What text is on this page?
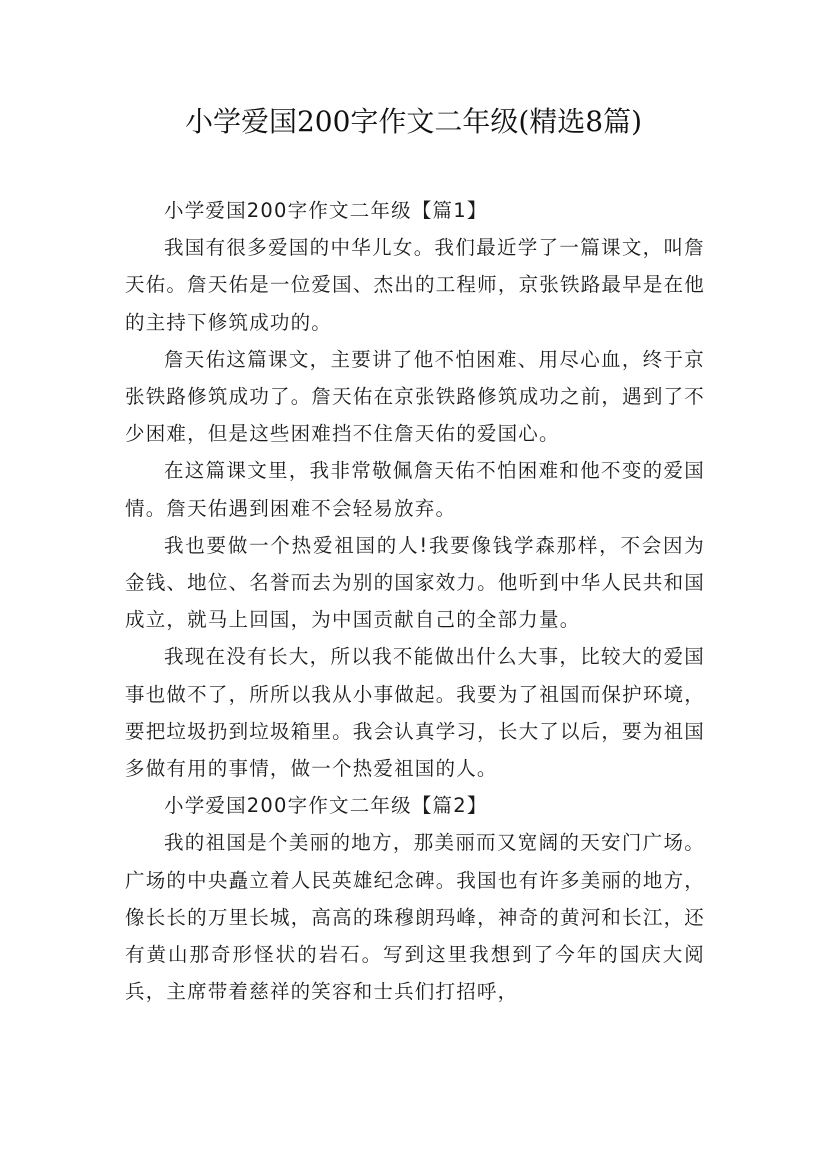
小学爱国200字作文二年级(精选8篇)

小学爱国200字作文二年级【篇1】

我国有很多爱国的中华儿女。我们最近学了一篇课文，叫詹天佑。詹天佑是一位爱国、杰出的工程师，京张铁路最早是在他的主持下修筑成功的。

詹天佑这篇课文，主要讲了他不怕困难、用尽心血，终于京张铁路修筑成功了。詹天佑在京张铁路修筑成功之前，遇到了不少困难，但是这些困难挡不住詹天佑的爱国心。

在这篇课文里，我非常敬佩詹天佑不怕困难和他不变的爱国情。詹天佑遇到困难不会轻易放弃。

我也要做一个热爱祖国的人!我要像钱学森那样，不会因为金钱、地位、名誉而去为别的国家效力。他听到中华人民共和国成立，就马上回国，为中国贡献自己的全部力量。

我现在没有长大，所以我不能做出什么大事，比较大的爱国事也做不了，所所以我从小事做起。我要为了祖国而保护环境，要把垃圾扔到垃圾箱里。我会认真学习，长大了以后，要为祖国多做有用的事情，做一个热爱祖国的人。

小学爱国200字作文二年级【篇2】

我的祖国是个美丽的地方，那美丽而又宽阔的天安门广场。广场的中央矗立着人民英雄纪念碑。我国也有许多美丽的地方，像长长的万里长城，高高的珠穆朗玛峰，神奇的黄河和长江，还有黄山那奇形怪状的岩石。写到这里我想到了今年的国庆大阅兵，主席带着慈祥的笑容和士兵们打招呼，
